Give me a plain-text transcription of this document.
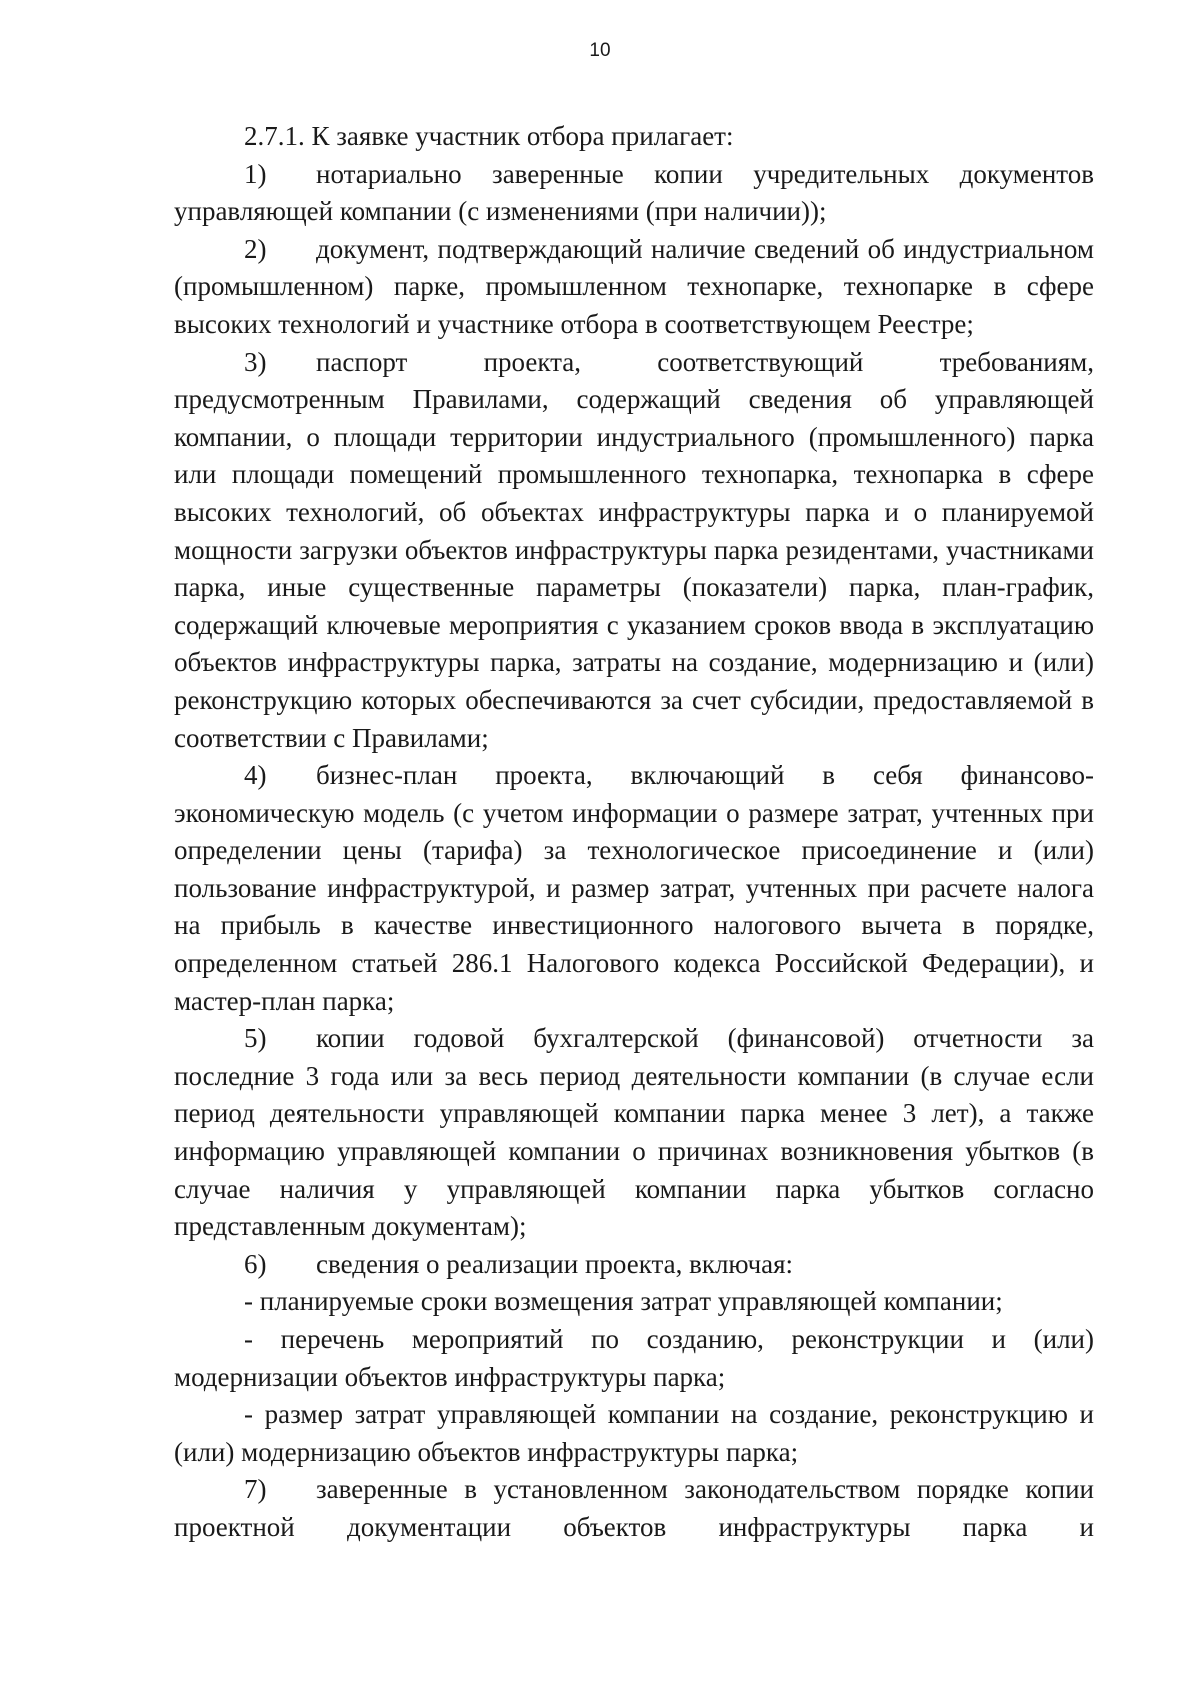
10

2.7.1. К заявке участник отбора прилагает:

1) нотариально заверенные копии учредительных документов управляющей компании (с изменениями (при наличии));

2) документ, подтверждающий наличие сведений об индустриальном (промышленном) парке, промышленном технопарке, технопарке в сфере высоких технологий и участнике отбора в соответствующем Реестре;

3) паспорт проекта, соответствующий требованиям, предусмотренным Правилами, содержащий сведения об управляющей компании, о площади территории индустриального (промышленного) парка или площади помещений промышленного технопарка, технопарка в сфере высоких технологий, об объектах инфраструктуры парка и о планируемой мощности загрузки объектов инфраструктуры парка резидентами, участниками парка, иные существенные параметры (показатели) парка, план-график, содержащий ключевые мероприятия с указанием сроков ввода в эксплуатацию объектов инфраструктуры парка, затраты на создание, модернизацию и (или) реконструкцию которых обеспечиваются за счет субсидии, предоставляемой в соответствии с Правилами;

4) бизнес-план проекта, включающий в себя финансово-экономическую модель (с учетом информации о размере затрат, учтенных при определении цены (тарифа) за технологическое присоединение и (или) пользование инфраструктурой, и размер затрат, учтенных при расчете налога на прибыль в качестве инвестиционного налогового вычета в порядке, определенном статьей 286.1 Налогового кодекса Российской Федерации), и мастер-план парка;

5) копии годовой бухгалтерской (финансовой) отчетности за последние 3 года или за весь период деятельности компании (в случае если период деятельности управляющей компании парка менее 3 лет), а также информацию управляющей компании о причинах возникновения убытков (в случае наличия у управляющей компании парка убытков согласно представленным документам);

6) сведения о реализации проекта, включая:

- планируемые сроки возмещения затрат управляющей компании;

- перечень мероприятий по созданию, реконструкции и (или) модернизации объектов инфраструктуры парка;

- размер затрат управляющей компании на создание, реконструкцию и (или) модернизацию объектов инфраструктуры парка;

7) заверенные в установленном законодательством порядке копии проектной документации объектов инфраструктуры парка и
